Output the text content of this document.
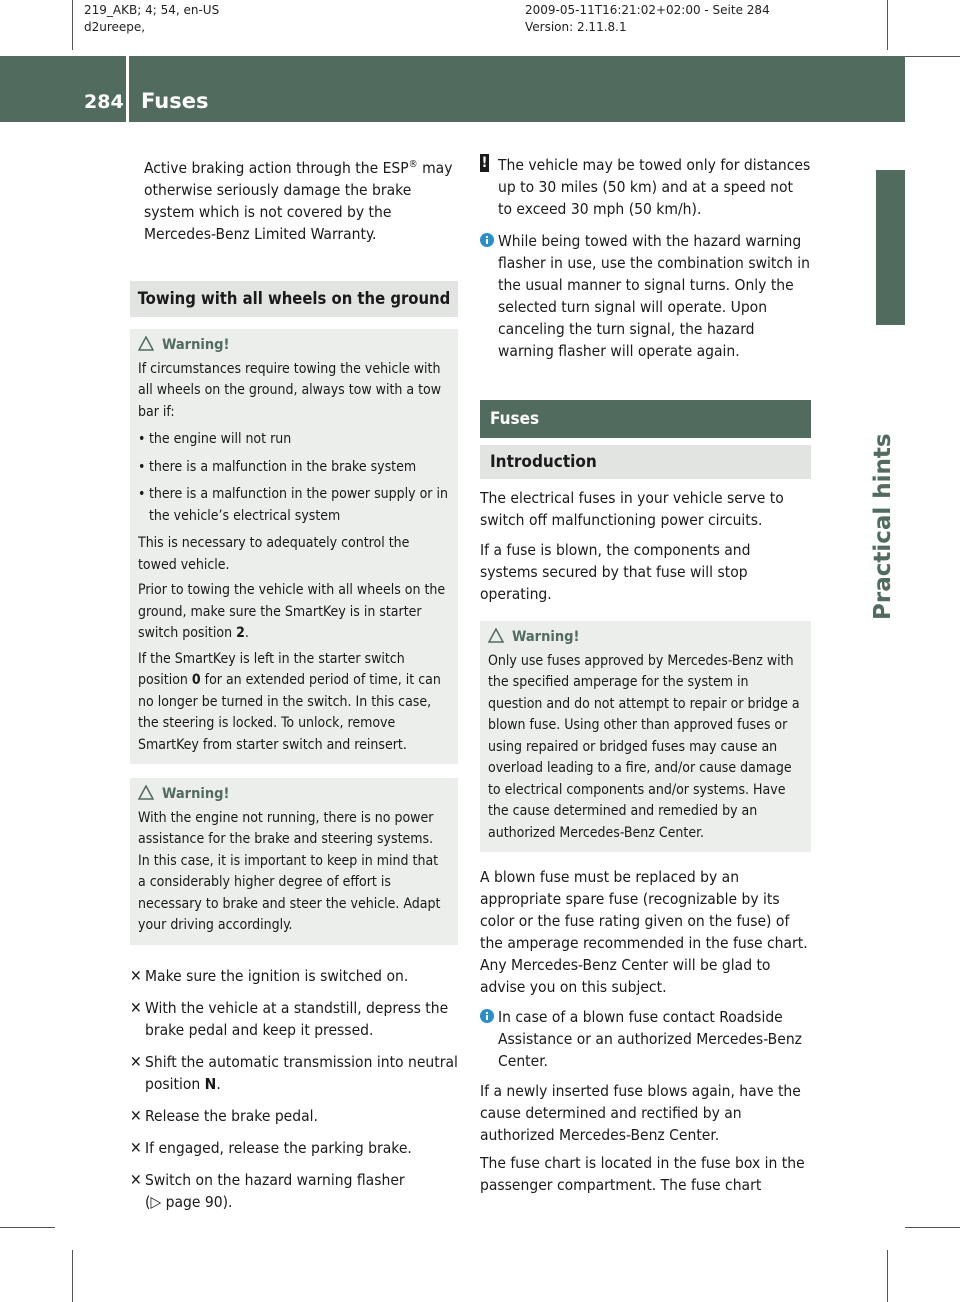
219_AKB; 4; 54, en-US
d2ureepe,
2009-05-11T16:21:02+02:00 - Seite 284
Version: 2.11.8.1
284 Fuses
Practical hints

Active braking action through the ESP® may otherwise seriously damage the brake system which is not covered by the Mercedes-Benz Limited Warranty.

Towing with all wheels on the ground
Warning!

If circumstances require towing the vehicle with all wheels on the ground, always tow with a tow bar if:

• the engine will not run
• there is a malfunction in the brake system
• there is a malfunction in the power supply or in the vehicle’s electrical system

This is necessary to adequately control the towed vehicle.

Prior to towing the vehicle with all wheels on the ground, make sure the SmartKey is in starter switch position 2.

If the SmartKey is left in the starter switch position 0 for an extended period of time, it can no longer be turned in the switch. In this case, the steering is locked. To unlock, remove SmartKey from starter switch and reinsert.

Warning!

With the engine not running, there is no power assistance for the brake and steering systems. In this case, it is important to keep in mind that a considerably higher degree of effort is necessary to brake and steer the vehicle. Adapt your driving accordingly.

✕ Make sure the ignition is switched on.
✕ With the vehicle at a standstill, depress the brake pedal and keep it pressed.
✕ Shift the automatic transmission into neutral position N.
✕ Release the brake pedal.
✕ If engaged, release the parking brake.
✕ Switch on the hazard warning flasher
(▷ page 90).
! The vehicle may be towed only for distances up to 30 miles (50 km) and at a speed not to exceed 30 mph (50 km/h).
While being towed with the hazard warning flasher in use, use the combination switch in the usual manner to signal turns. Only the selected turn signal will operate. Upon canceling the turn signal, the hazard warning flasher will operate again.
Fuses
Introduction

The electrical fuses in your vehicle serve to switch off malfunctioning power circuits.

If a fuse is blown, the components and systems secured by that fuse will stop operating.

Warning!

Only use fuses approved by Mercedes-Benz with the specified amperage for the system in question and do not attempt to repair or bridge a blown fuse. Using other than approved fuses or using repaired or bridged fuses may cause an overload leading to a fire, and/or cause damage to electrical components and/or systems. Have the cause determined and remedied by an authorized Mercedes-Benz Center.

A blown fuse must be replaced by an appropriate spare fuse (recognizable by its color or the fuse rating given on the fuse) of the amperage recommended in the fuse chart. Any Mercedes-Benz Center will be glad to advise you on this subject.

In case of a blown fuse contact Roadside Assistance or an authorized Mercedes-Benz Center.

If a newly inserted fuse blows again, have the cause determined and rectified by an authorized Mercedes-Benz Center.

The fuse chart is located in the fuse box in the passenger compartment. The fuse chart
